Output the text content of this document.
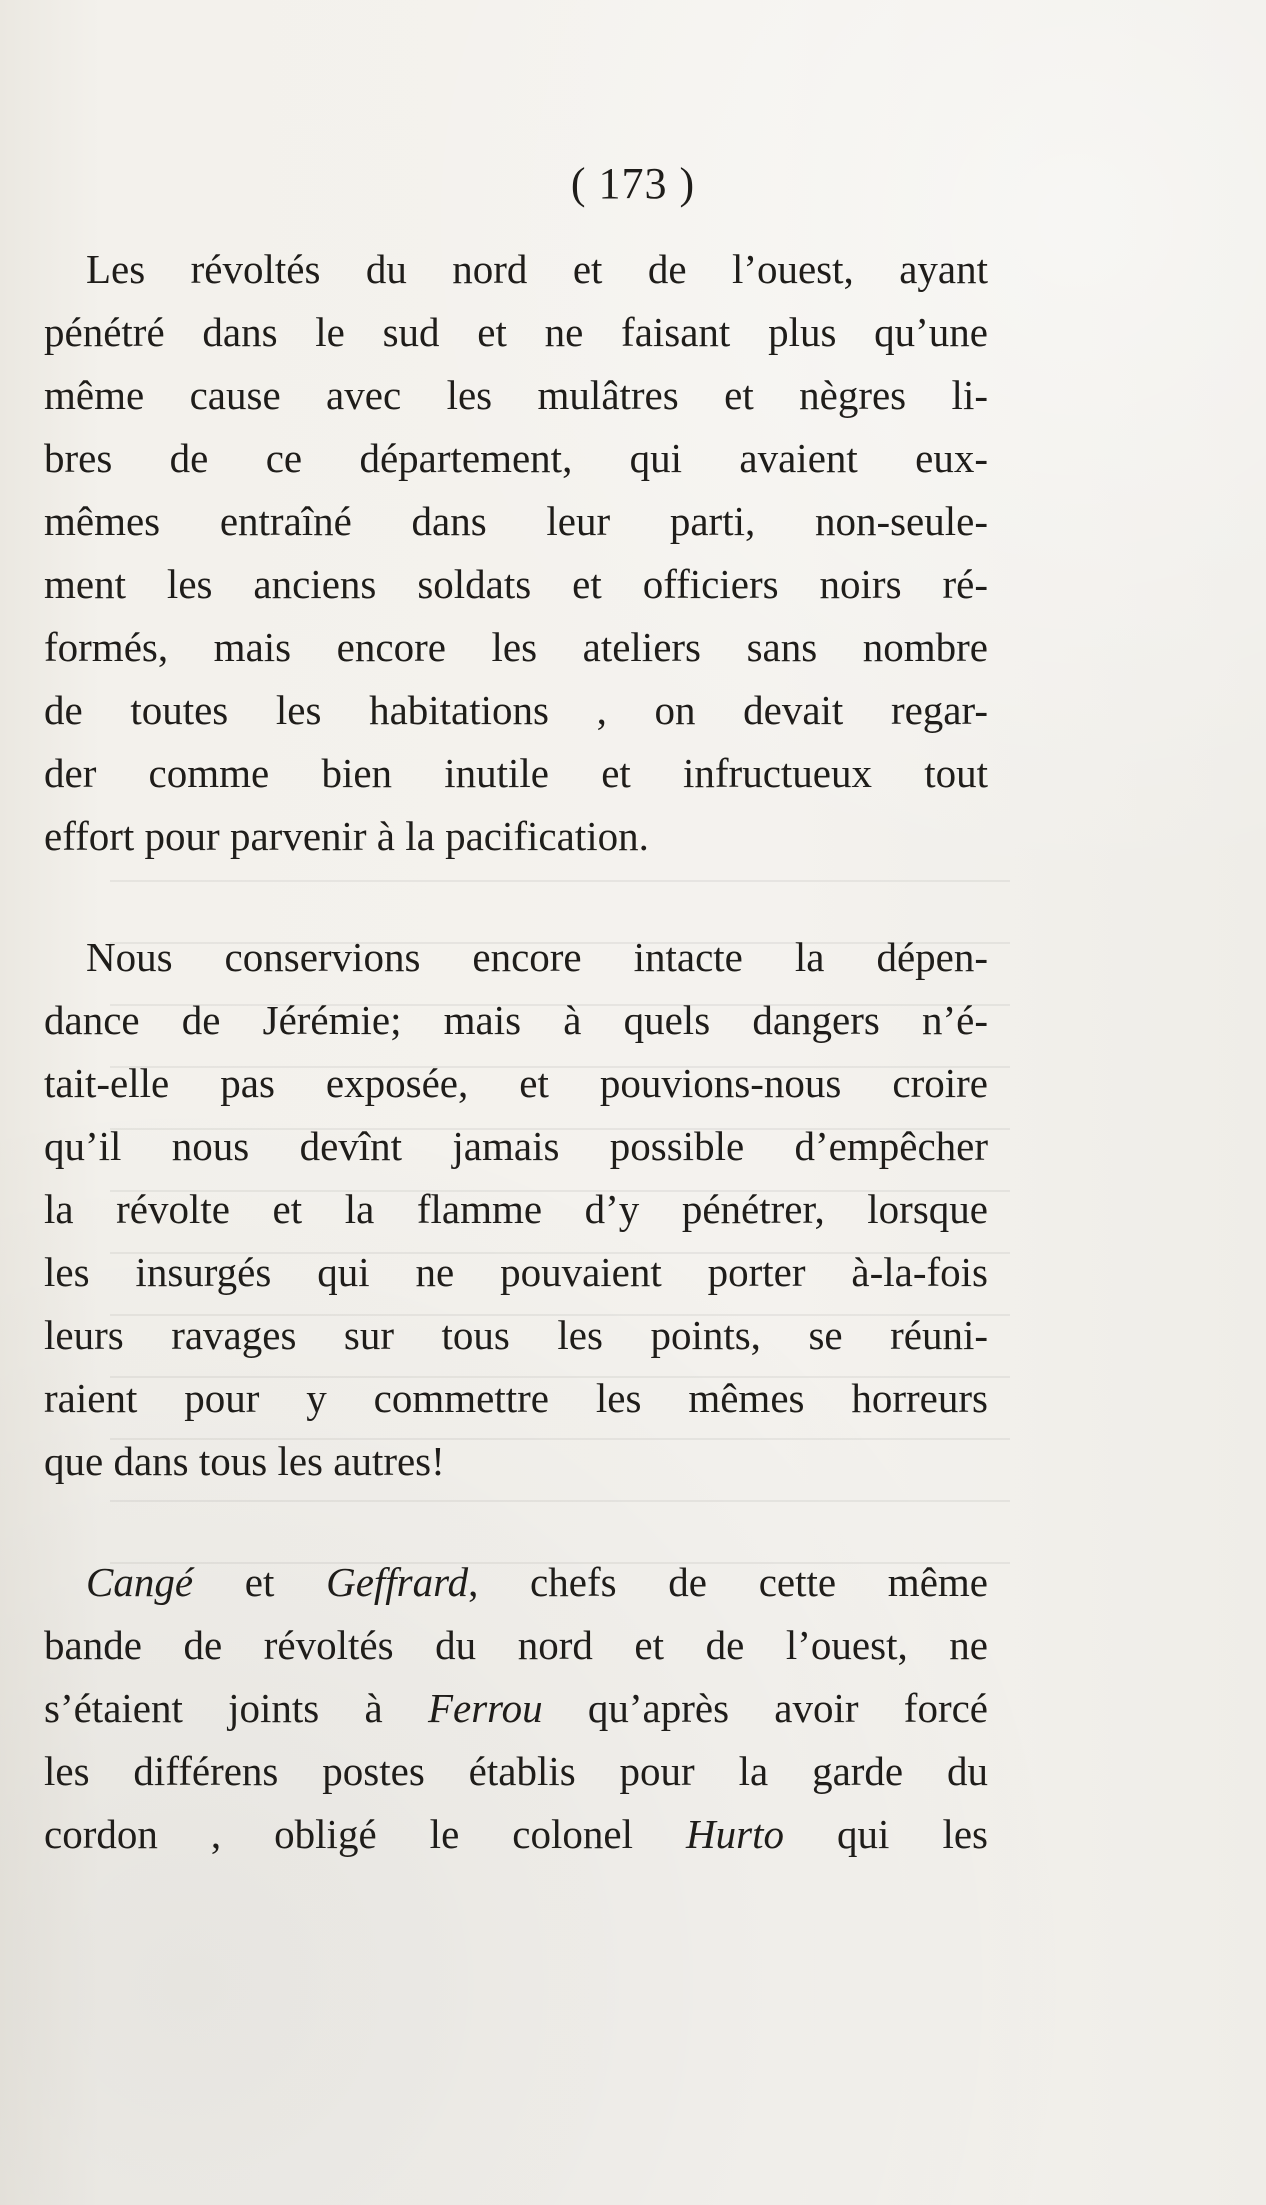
( 173 )
Les révoltés du nord et de l’ouest, ayant
pénétré dans le sud et ne faisant plus qu’une
même cause avec les mulâtres et nègres li-
bres de ce département, qui avaient eux-
mêmes entraîné dans leur parti, non-seule-
ment les anciens soldats et officiers noirs ré-
formés, mais encore les ateliers sans nombre
de toutes les habitations , on devait regar-
der comme bien inutile et infructueux tout
effort pour parvenir à la pacification.
Nous conservions encore intacte la dépen-
dance de Jérémie; mais à quels dangers n’é-
tait-elle pas exposée, et pouvions-nous croire
qu’il nous devînt jamais possible d’empêcher
la révolte et la flamme d’y pénétrer, lorsque
les insurgés qui ne pouvaient porter à-la-fois
leurs ravages sur tous les points, se réuni-
raient pour y commettre les mêmes horreurs
que dans tous les autres!
Cangé et Geffrard, chefs de cette même
bande de révoltés du nord et de l’ouest, ne
s’étaient joints à Ferrou qu’après avoir forcé
les différens postes établis pour la garde du
cordon , obligé le colonel Hurto qui les
